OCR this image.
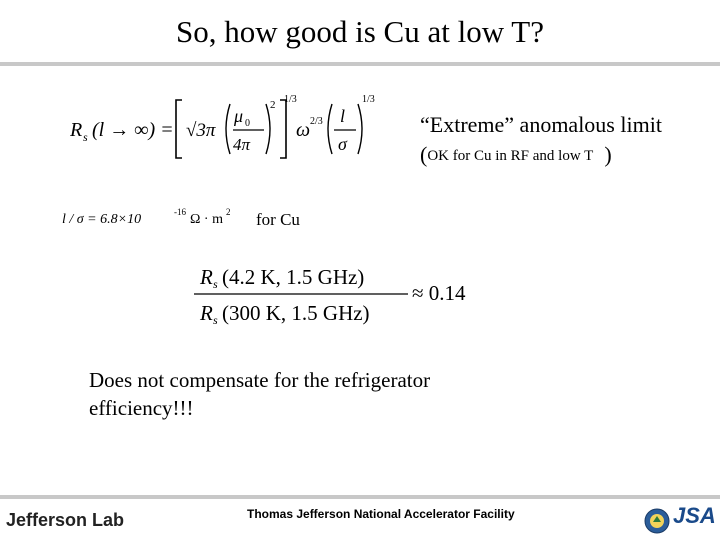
So, how good is Cu at low T?
R s (l → ∞) = √3π
μ 0
4π
2 1/3
ω 2/3 l
σ
1/3
“Extreme” anomalous limit
(OK for Cu in RF and low T )
l / σ = 6.8×10	-16 Ω · m 2 for Cu
R s (4.2 K, 1.5 GHz)
R s (300 K, 1.5 GHz)
≈ 0.14
Does not compensate for the refrigerator efficiency!!!
Jefferson Lab	Thomas Jefferson National Accelerator Facility	JSA
